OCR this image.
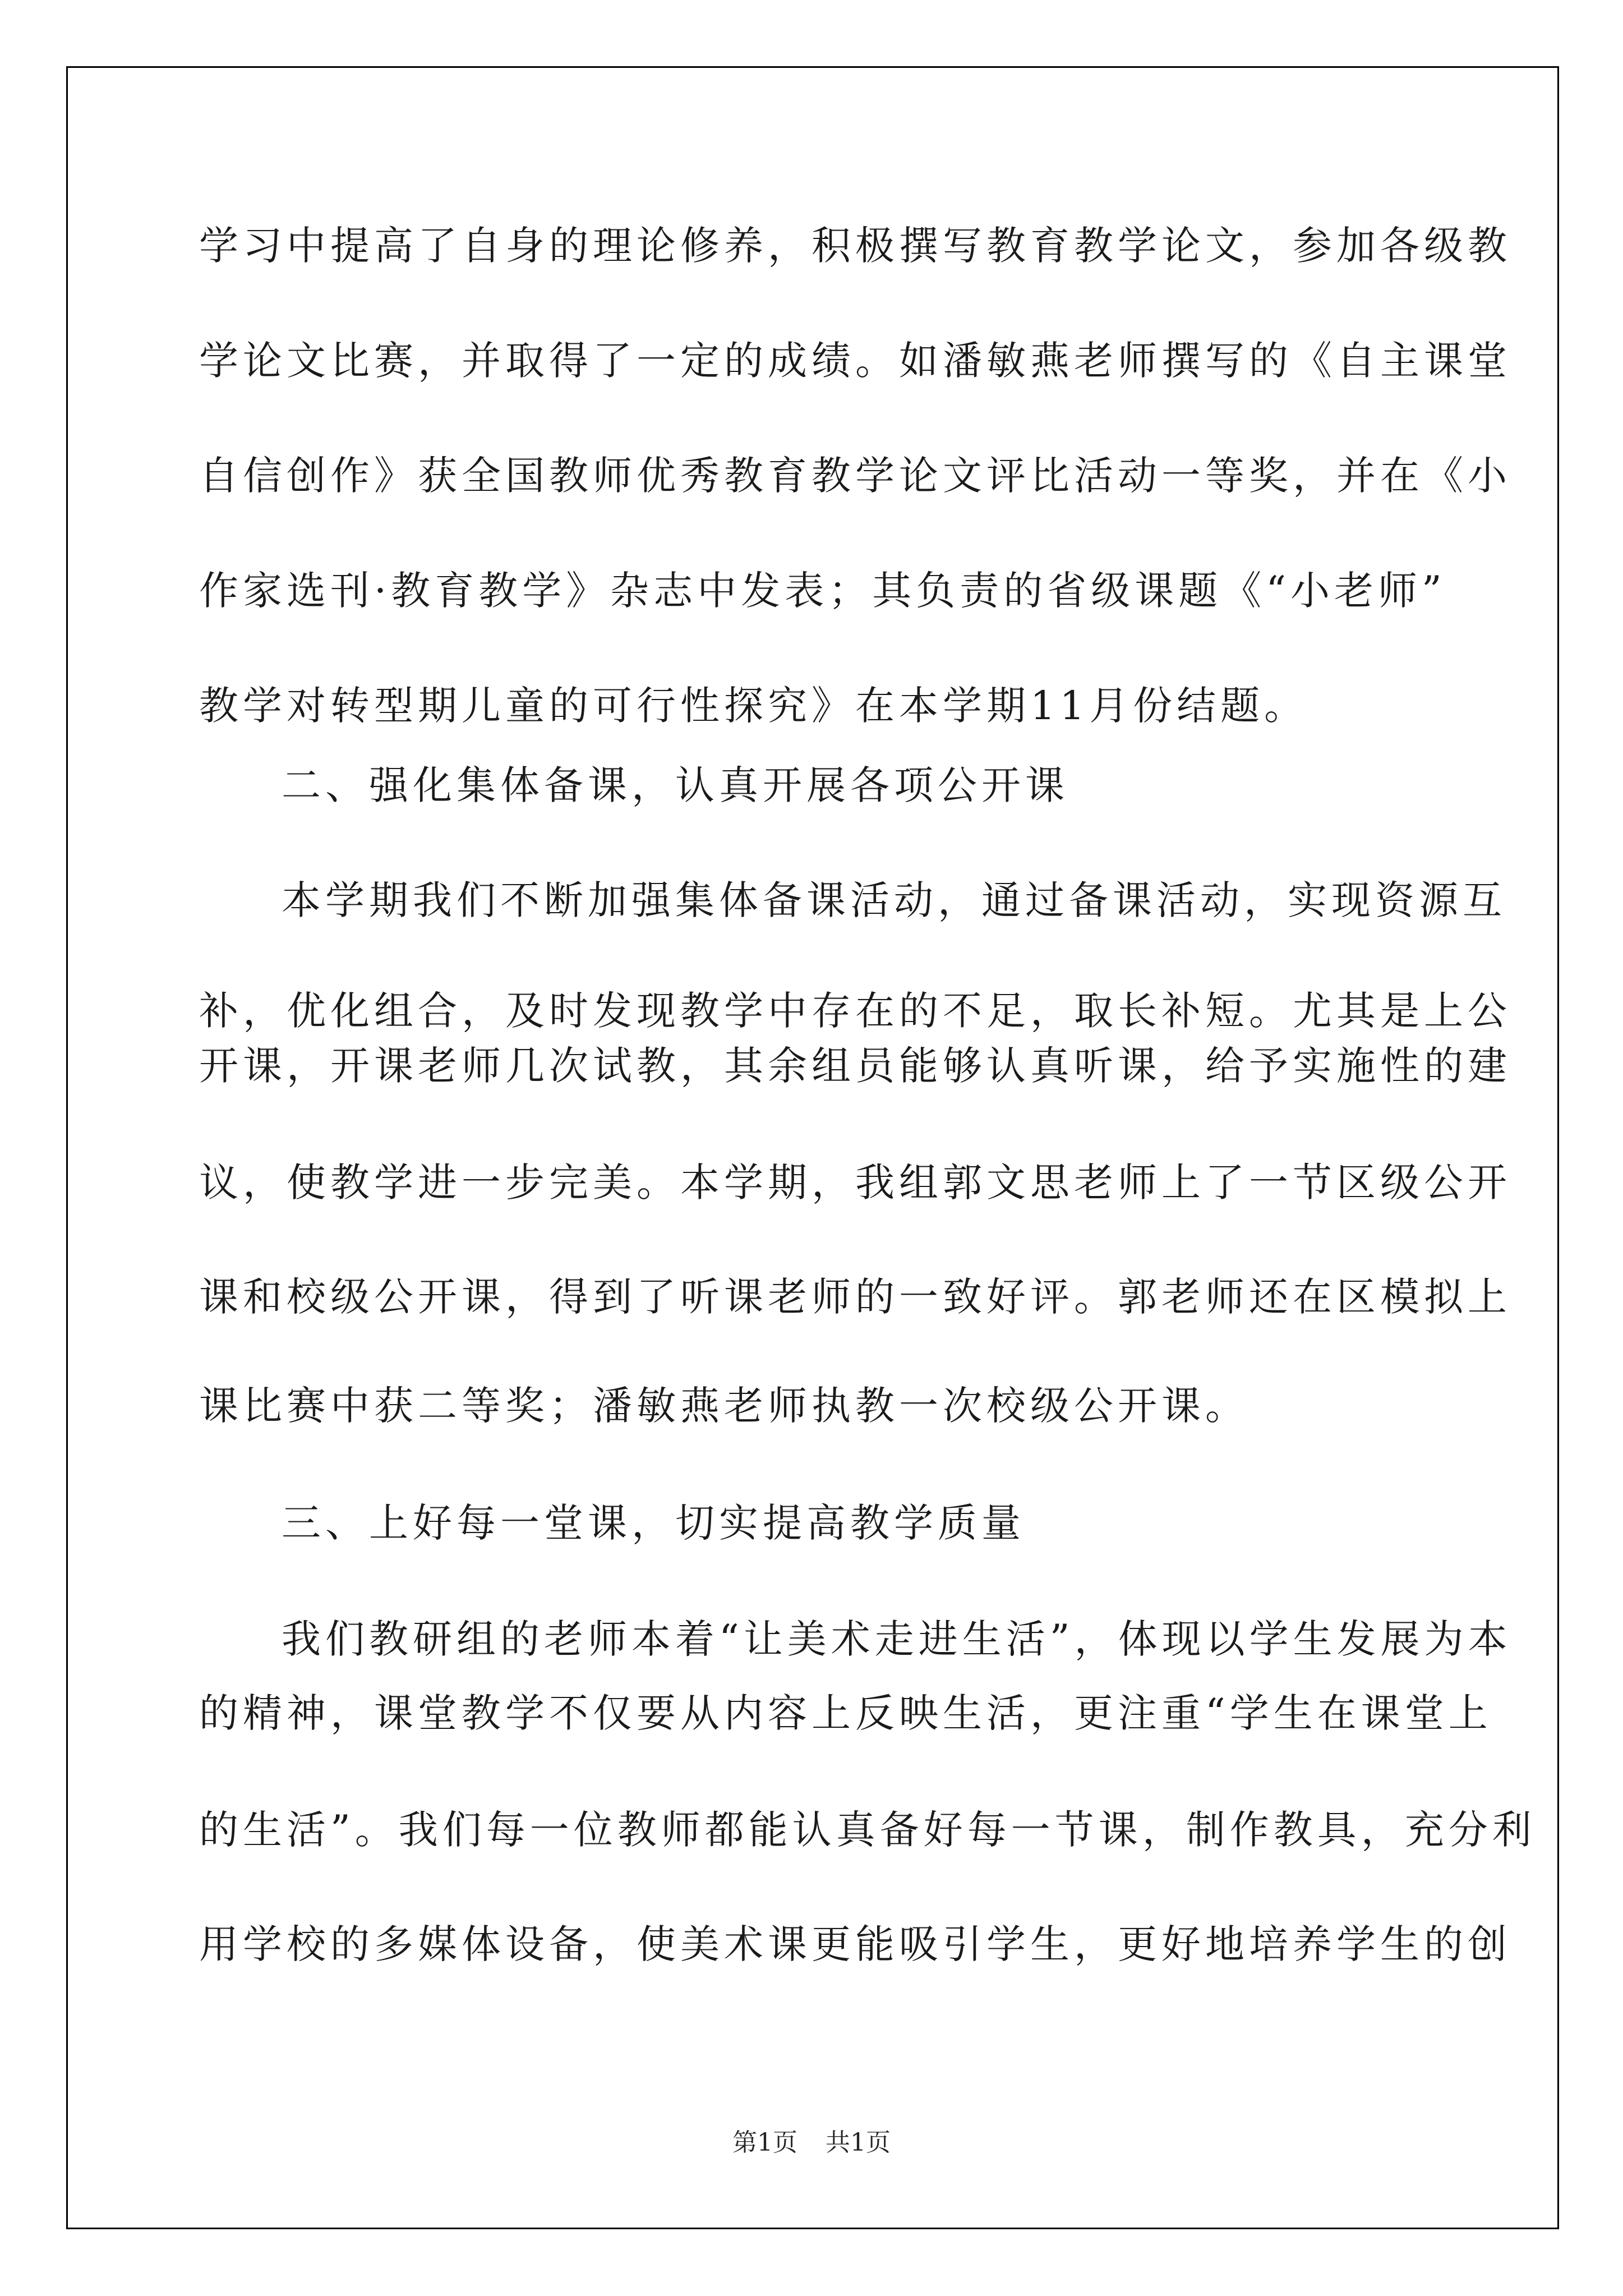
学习中提高了自身的理论修养，积极撰写教育教学论文，参加各级教
学论文比赛，并取得了一定的成绩。如潘敏燕老师撰写的《自主课堂
自信创作》获全国教师优秀教育教学论文评比活动一等奖，并在《小
作家选刊·教育教学》杂志中发表；其负责的省级课题《“小老师”
教学对转型期儿童的可行性探究》在本学期11月份结题。
二、强化集体备课，认真开展各项公开课
本学期我们不断加强集体备课活动，通过备课活动，实现资源互
补，优化组合，及时发现教学中存在的不足，取长补短。尤其是上公
开课，开课老师几次试教，其余组员能够认真听课，给予实施性的建
议，使教学进一步完美。本学期，我组郭文思老师上了一节区级公开
课和校级公开课，得到了听课老师的一致好评。郭老师还在区模拟上
课比赛中获二等奖；潘敏燕老师执教一次校级公开课。
三、上好每一堂课，切实提高教学质量
我们教研组的老师本着“让美术走进生活”，体现以学生发展为本
的精神，课堂教学不仅要从内容上反映生活，更注重“学生在课堂上
的生活”。我们每一位教师都能认真备好每一节课，制作教具，充分利
用学校的多媒体设备，使美术课更能吸引学生，更好地培养学生的创
第1页 共1页
